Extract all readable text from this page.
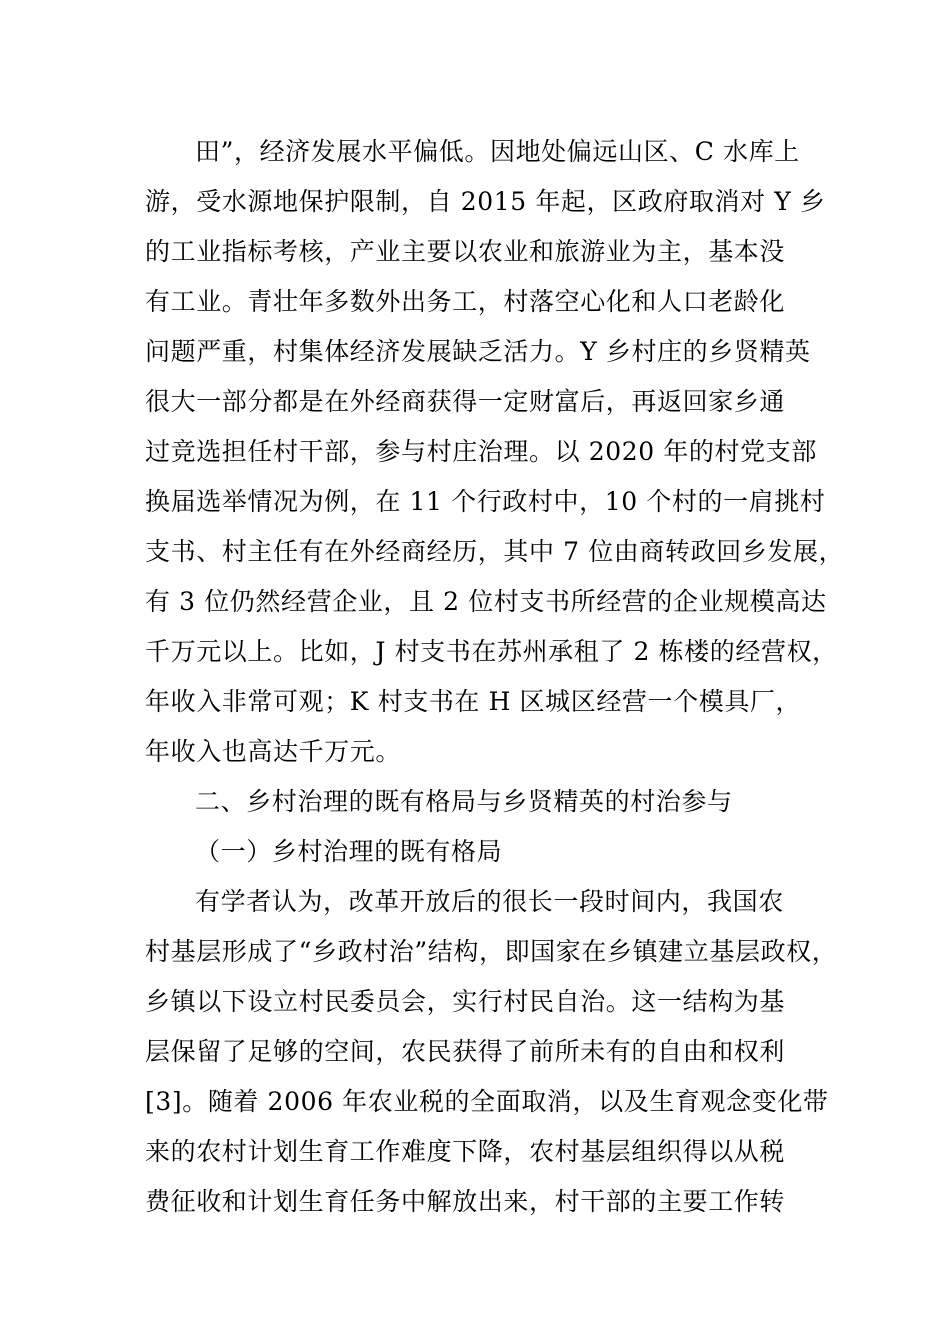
田”，经济发展水平偏低。因地处偏远山区、C 水库上
游，受水源地保护限制，自 2015 年起，区政府取消对 Y 乡
的工业指标考核，产业主要以农业和旅游业为主，基本没
有工业。青壮年多数外出务工，村落空心化和人口老龄化
问题严重，村集体经济发展缺乏活力。Y 乡村庄的乡贤精英
很大一部分都是在外经商获得一定财富后，再返回家乡通
过竞选担任村干部，参与村庄治理。以 2020 年的村党支部
换届选举情况为例，在 11 个行政村中，10 个村的一肩挑村
支书、村主任有在外经商经历，其中 7 位由商转政回乡发展，
有 3 位仍然经营企业，且 2 位村支书所经营的企业规模高达
千万元以上。比如，J 村支书在苏州承租了 2 栋楼的经营权，
年收入非常可观；K 村支书在 H 区城区经营一个模具厂，
年收入也高达千万元。
二、乡村治理的既有格局与乡贤精英的村治参与
（一）乡村治理的既有格局
有学者认为，改革开放后的很长一段时间内，我国农
村基层形成了“乡政村治”结构，即国家在乡镇建立基层政权，
乡镇以下设立村民委员会，实行村民自治。这一结构为基
层保留了足够的空间，农民获得了前所未有的自由和权利
[3]。随着 2006 年农业税的全面取消，以及生育观念变化带
来的农村计划生育工作难度下降，农村基层组织得以从税
费征收和计划生育任务中解放出来，村干部的主要工作转
